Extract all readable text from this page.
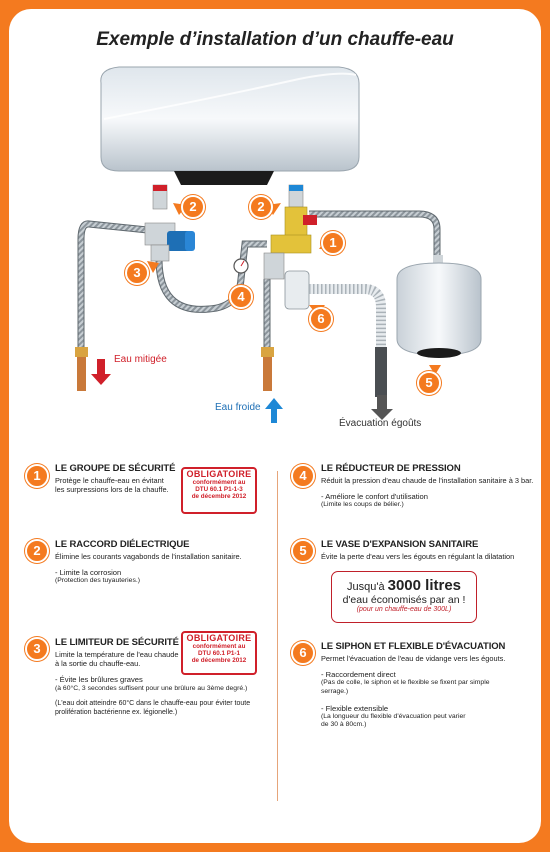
Exemple d’installation d’un chauffe-eau
2	2
3
1
4
6
5
Eau mitigée
Eau froide
Évacuation égoûts
1	LE GROUPE DE SÉCURITÉ
Protège le chauffe-eau en évitant
les surpressions lors de la chauffe.
OBLIGATOIRE
conformément au
DTU 60.1 P1-1-3
de décembre 2012
2	LE RACCORD DIÉLECTRIQUE
Élimine les courants vagabonds de l'installation sanitaire.
- Limite la corrosion
(Protection des tuyauteries.)
3	LE LIMITEUR DE SÉCURITÉ
Limite la température de l'eau chaude
à la sortie du chauffe-eau.
- Évite les brûlures graves
(à 60°C, 3 secondes suffisent pour une brûlure au 3ème degré.)
(L'eau doit atteindre 60°C dans le chauffe-eau pour éviter toute
prolifération bactérienne ex. légionelle.)
OBLIGATOIRE
conformément au
DTU 60.1 P1-1
de décembre 2012
4	LE RÉDUCTEUR DE PRESSION
Réduit la pression d'eau chaude de l'installation sanitaire à 3 bar.
- Améliore le confort d'utilisation
(Limite les coups de bélier.)
5	LE VASE D'EXPANSION SANITAIRE
Évite la perte d'eau vers les égouts en régulant la dilatation
Jusqu'à 3000 litres
d'eau économisés par an !
(pour un chauffe-eau de 300L)
6	LE SIPHON ET FLEXIBLE D'ÉVACUATION
Permet l'évacuation de l'eau de vidange vers les égouts.
- Raccordement direct
(Pas de colle, le siphon et le flexible se fixent par simple
serrage.)
- Flexible extensible
(La longueur du flexible d'évacuation peut varier
de 30 à 80cm.)
